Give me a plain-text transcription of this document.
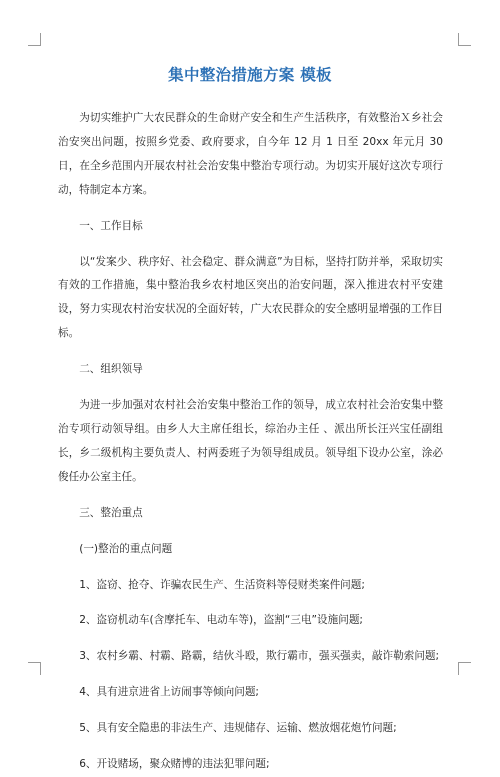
集中整治措施方案 模板

为切实维护广大农民群众的生命财产安全和生产生活秩序，有效整治Ｘ乡社会治安突出问题，按照乡党委、政府要求，自今年 12 月 1 日至 20xx 年元月 30 日，在全乡范围内开展农村社会治安集中整治专项行动。为切实开展好这次专项行动，特制定本方案。

一、工作目标

以“发案少、秩序好、社会稳定、群众满意”为目标，坚持打防并举，采取切实有效的工作措施，集中整治我乡农村地区突出的治安问题，深入推进农村平安建设，努力实现农村治安状况的全面好转，广大农民群众的安全感明显增强的工作目标。

二、组织领导

为进一步加强对农村社会治安集中整治工作的领导，成立农村社会治安集中整治专项行动领导组。由乡人大主席任组长，综治办主任 、派出所长汪兴宝任副组长，乡二级机构主要负责人、村两委班子为领导组成员。领导组下设办公室，涂必俊任办公室主任。

三、整治重点

(一)整治的重点问题

1、盗窃、抢夺、诈骗农民生产、生活资料等侵财类案件问题;

2、盗窃机动车(含摩托车、电动车等)，盗割“三电”设施问题;

3、农村乡霸、村霸、路霸，结伙斗殴，欺行霸市，强买强卖，敲诈勒索问题;

4、具有进京进省上访闹事等倾向问题;

5、具有安全隐患的非法生产、违规储存、运输、燃放烟花炮竹问题;

6、开设赌场，聚众赌博的违法犯罪问题;
